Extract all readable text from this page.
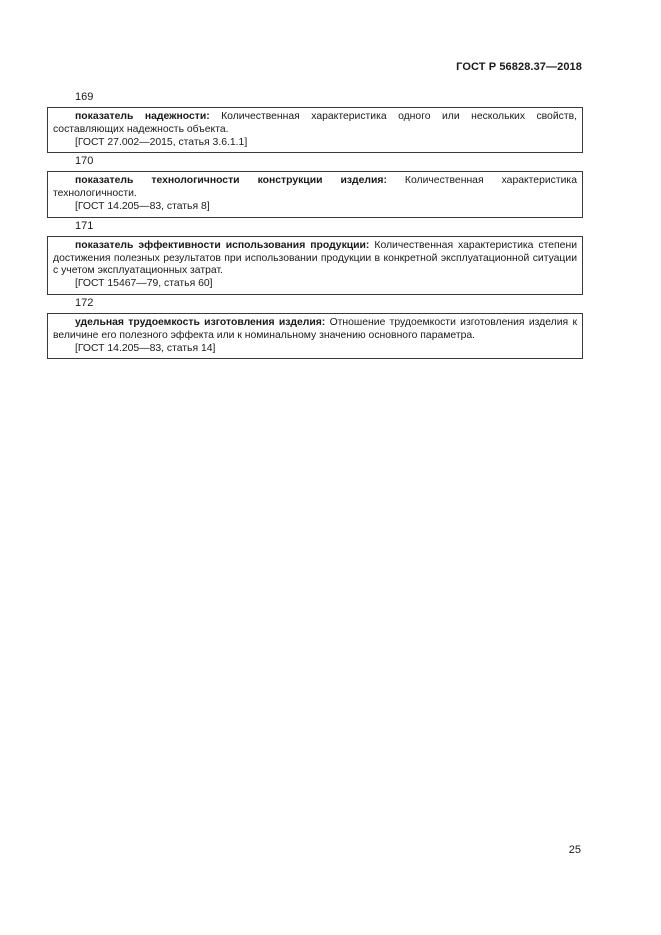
ГОСТ Р 56828.37—2018
169
показатель надежности: Количественная характеристика одного или нескольких свойств, составляющих надежность объекта.
[ГОСТ 27.002—2015, статья 3.6.1.1]
170
показатель технологичности конструкции изделия: Количественная характеристика технологичности.
[ГОСТ 14.205—83, статья 8]
171
показатель эффективности использования продукции: Количественная характеристика степени достижения полезных результатов при использовании продукции в конкретной эксплуатационной ситуации с учетом эксплуатационных затрат.
[ГОСТ 15467—79, статья 60]
172
удельная трудоемкость изготовления изделия: Отношение трудоемкости изготовления изделия к величине его полезного эффекта или к номинальному значению основного параметра.
[ГОСТ 14.205—83, статья 14]
25
